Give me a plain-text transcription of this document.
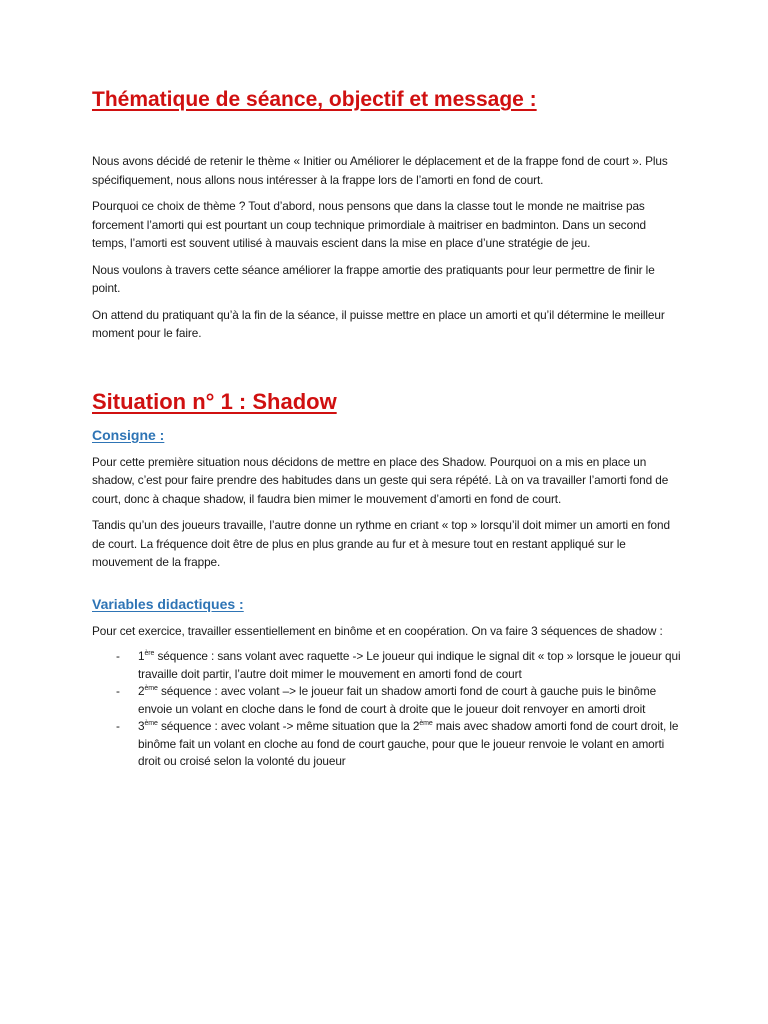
Thématique de séance, objectif et message :

Nous avons décidé de retenir le thème « Initier ou Améliorer le déplacement et de la frappe fond de court ». Plus spécifiquement, nous allons nous intéresser à la frappe lors de l’amorti en fond de court.

Pourquoi ce choix de thème ? Tout d’abord, nous pensons que dans la classe tout le monde ne maitrise pas forcement l’amorti qui est pourtant un coup technique primordiale à maitriser en badminton. Dans un second temps, l’amorti est souvent utilisé à mauvais escient dans la mise en place d’une stratégie de jeu.

Nous voulons à travers cette séance améliorer la frappe amortie des pratiquants pour leur permettre de finir le point.

On attend du pratiquant qu’à la fin de la séance, il puisse mettre en place un amorti et qu’il détermine le meilleur moment pour le faire.

Situation n° 1 : Shadow
Consigne :

Pour cette première situation nous décidons de mettre en place des Shadow. Pourquoi on a mis en place un shadow, c’est pour faire prendre des habitudes dans un geste qui sera répété. Là on va travailler l’amorti fond de court, donc à chaque shadow, il faudra bien mimer le mouvement d’amorti en fond de court.

Tandis qu’un des joueurs travaille, l’autre donne un rythme en criant « top » lorsqu’il doit mimer un amorti en fond de court. La fréquence doit être de plus en plus grande au fur et à mesure tout en restant appliqué sur le mouvement de la frappe.

Variables didactiques :

Pour cet exercice, travailler essentiellement en binôme et en coopération. On va faire 3 séquences de shadow :

- 1ère séquence : sans volant avec raquette -> Le joueur qui indique le signal dit « top » lorsque le joueur qui travaille doit partir, l’autre doit mimer le mouvement en amorti fond de court
- 2ème séquence : avec volant –> le joueur fait un shadow amorti fond de court à gauche puis le binôme envoie un volant en cloche dans le fond de court à droite que le joueur doit renvoyer en amorti droit
- 3ème séquence : avec volant -> même situation que la 2ème mais avec shadow amorti fond de court droit, le binôme fait un volant en cloche au fond de court gauche, pour que le joueur renvoie le volant en amorti droit ou croisé selon la volonté du joueur
